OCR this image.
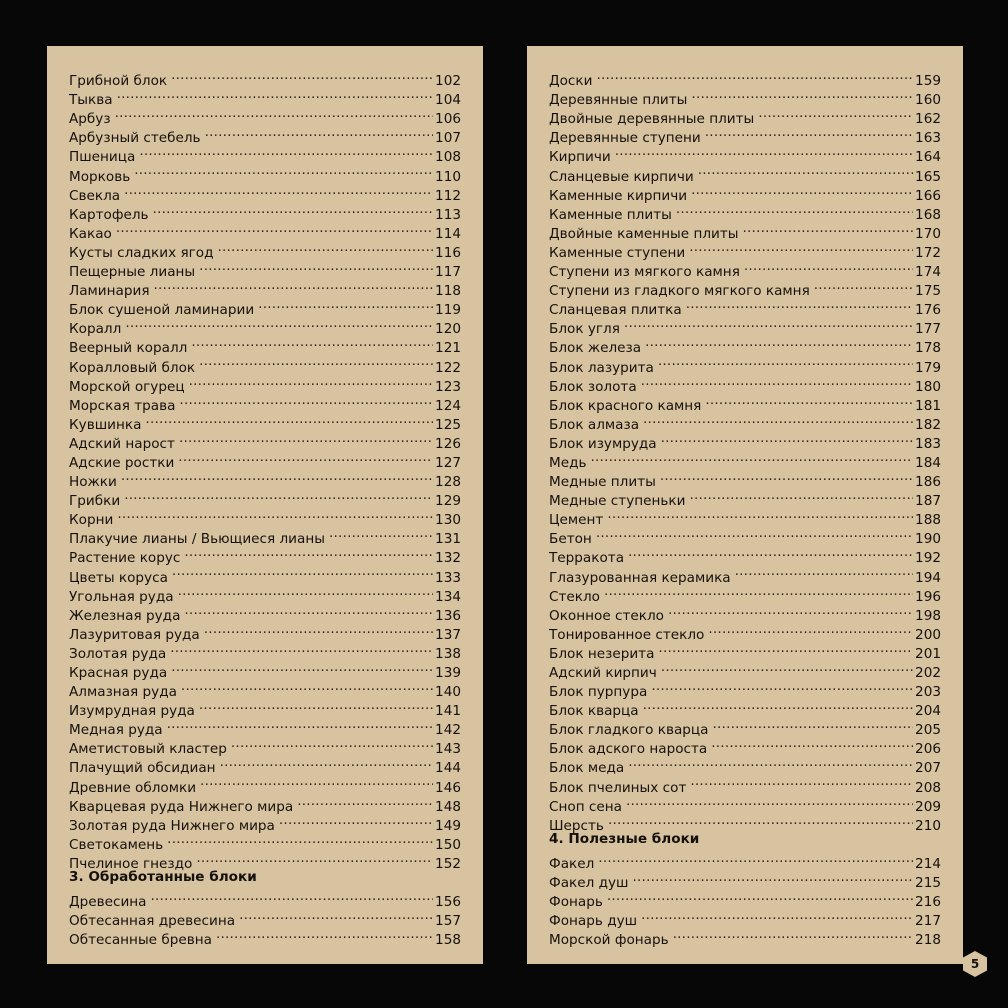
Грибной блок .....	102
Тыква .....	104
Арбуз .....	106
Арбузный стебель .....	107
Пшеница .....	108
Морковь .....	110
Свекла .....	112
Картофель .....	113
Какао .....	114
Кусты сладких ягод .....	116
Пещерные лианы .....	117
Ламинария .....	118
Блок сушеной ламинарии .....	119
Коралл .....	120
Веерный коралл .....	121
Коралловый блок .....	122
Морской огурец .....	123
Морская трава .....	124
Кувшинка .....	125
Адский нарост .....	126
Адские ростки .....	127
Ножки .....	128
Грибки .....	129
Корни .....	130
Плакучие лианы / Вьющиеся лианы .....	131
Растение корус .....	132
Цветы коруса .....	133
Угольная руда .....	134
Железная руда .....	136
Лазуритовая руда .....	137
Золотая руда .....	138
Красная руда .....	139
Алмазная руда .....	140
Изумрудная руда .....	141
Медная руда .....	142
Аметистовый кластер .....	143
Плачущий обсидиан .....	144
Древние обломки .....	146
Кварцевая руда Нижнего мира .....	148
Золотая руда Нижнего мира .....	149
Светокамень .....	150
Пчелиное гнездо .....	152
3. Обработанные блоки
Древесина .....	156
Обтесанная древесина .....	157
Обтесанные бревна .....	158
Доски .....	159
Деревянные плиты .....	160
Двойные деревянные плиты .....	162
Деревянные ступени .....	163
Кирпичи .....	164
Сланцевые кирпичи .....	165
Каменные кирпичи .....	166
Каменные плиты .....	168
Двойные каменные плиты .....	170
Каменные ступени .....	172
Ступени из мягкого камня .....	174
Ступени из гладкого мягкого камня .....	175
Сланцевая плитка .....	176
Блок угля .....	177
Блок железа .....	178
Блок лазурита .....	179
Блок золота .....	180
Блок красного камня .....	181
Блок алмаза .....	182
Блок изумруда .....	183
Медь .....	184
Медные плиты .....	186
Медные ступеньки .....	187
Цемент .....	188
Бетон .....	190
Терракота .....	192
Глазурованная керамика .....	194
Стекло .....	196
Оконное стекло .....	198
Тонированное стекло .....	200
Блок незерита .....	201
Адский кирпич .....	202
Блок пурпура .....	203
Блок кварца .....	204
Блок гладкого кварца .....	205
Блок адского нароста .....	206
Блок меда .....	207
Блок пчелиных сот .....	208
Сноп сена .....	209
Шерсть .....	210
4. Полезные блоки
Факел .....	214
Факел душ .....	215
Фонарь .....	216
Фонарь душ .....	217
Морской фонарь .....	218
5
